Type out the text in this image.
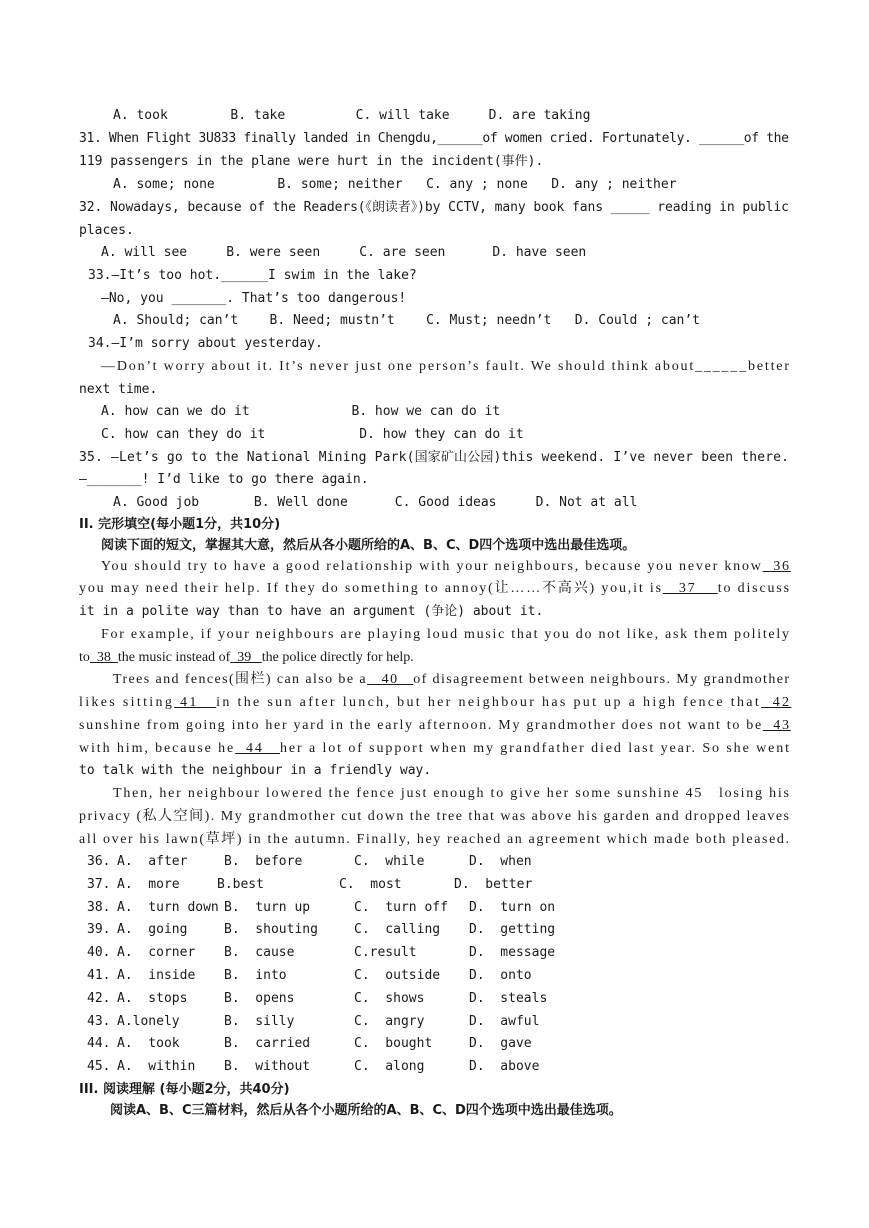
A. took        B. take         C. will take     D. are taking
31. When Flight 3U833 finally landed in Chengdu,______of women cried. Fortunately. ______of the
119 passengers in the plane were hurt in the incident(事件).
A. some; none        B. some; neither   C. any ; none   D. any ; neither
32. Nowadays, because of the Readers(《朗读者》)by CCTV, many book fans _____ reading in public
places.
A. will see     B. were seen     C. are seen      D. have seen
33.—It’s too hot.______I swim in the lake?
—No, you _______. That’s too dangerous!
A. Should; can’t    B. Need; mustn’t    C. Must; needn’t   D. Could ; can’t
34.—I’m sorry about yesterday.
—Don’t worry about it. It’s never just one person’s fault. We should think about______better
next time.
A. how can we do it             B. how we can do it
C. how can they do it            D. how they can do it
35. —Let’s go to the National Mining Park(国家矿山公园)this weekend. I’ve never been there.
—_______! I’d like to go there again.
A. Good job       B. Well done      C. Good ideas     D. Not at all
II. 完形填空(每小题1分，共10分)
阅读下面的短文，掌握其大意，然后从各小题所给的A、B、C、D四个选项中选出最佳选项。
You should try to have a good relationship with your neighbours, because you never know  36
you may need their help. If they do something to annoy(让……不高兴) you,it is   37    to discuss
it in a polite way than to have an argument (争论) about it.
For example, if your neighbours are playing loud music that you do not like, ask them politely
to  38  the music instead of  39   the police directly for help.
Trees and fences(围栏) can also be a   40   of disagreement between neighbours. My grandmother
likes sitting 41   in the sun after lunch, but her neighbour has put up a high fence that  42
sunshine from going into her yard in the early afternoon. My grandmother does not want to be  43
with him, because he  44   her a lot of support when my grandfather died last year. So she went
to talk with the neighbour in a friendly way.
Then, her neighbour lowered the fence just enough to give her some sunshine 45   losing his
privacy (私人空间). My grandmother cut down the tree that was above his garden and dropped leaves
all over his lawn(草坪) in the autumn. Finally, hey reached an agreement which made both pleased.
III. 阅读理解 (每小题2分，共40分)
阅读A、B、C三篇材料，然后从各个小题所给的A、B、C、D四个选项中选出最佳选项。
36. A.  after	B.  before	C.  while	D.  when
37. A.  more	B.best	C.  most	D.  better
38. A.  turn down B.  turn up	C.  turn off D.  turn on
39. A.  going	B.  shouting	C.  calling D.  getting
40. A.  corner B.  cause	C.result	D.  message
41. A.  inside B.  into	C.  outside D.  onto
42. A.  stops	B.  opens	C.  shows	D.  steals
43. A.lonely	B.  silly	C.  angry	D.  awful
44. A.  took	B.  carried	C.  bought	D.  gave
45. A.  within B.  without	C.  along	D.  above
